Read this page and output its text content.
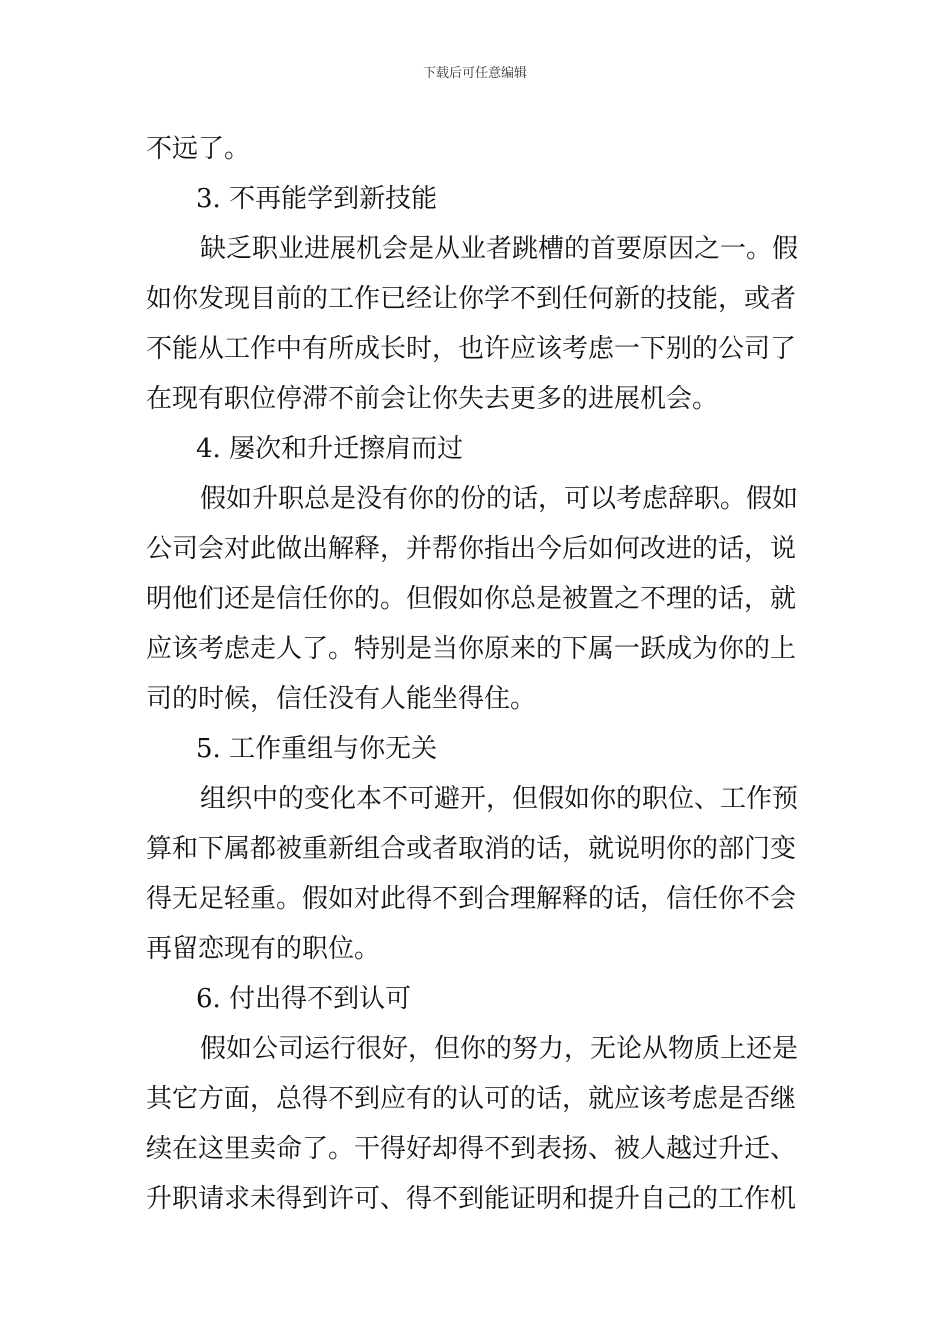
下载后可任意编辑
不远了。
3. 不再能学到新技能
缺乏职业进展机会是从业者跳槽的首要原因之一。假
如你发现目前的工作已经让你学不到任何新的技能，或者
不能从工作中有所成长时，也许应该考虑一下别的公司了
在现有职位停滞不前会让你失去更多的进展机会。
4. 屡次和升迁擦肩而过
假如升职总是没有你的份的话，可以考虑辞职。假如
公司会对此做出解释，并帮你指出今后如何改进的话，说
明他们还是信任你的。但假如你总是被置之不理的话，就
应该考虑走人了。特别是当你原来的下属一跃成为你的上
司的时候，信任没有人能坐得住。
5. 工作重组与你无关
组织中的变化本不可避开，但假如你的职位、工作预
算和下属都被重新组合或者取消的话，就说明你的部门变
得无足轻重。假如对此得不到合理解释的话，信任你不会
再留恋现有的职位。
6. 付出得不到认可
假如公司运行很好，但你的努力，无论从物质上还是
其它方面，总得不到应有的认可的话，就应该考虑是否继
续在这里卖命了。干得好却得不到表扬、被人越过升迁、
升职请求未得到许可、得不到能证明和提升自己的工作机
